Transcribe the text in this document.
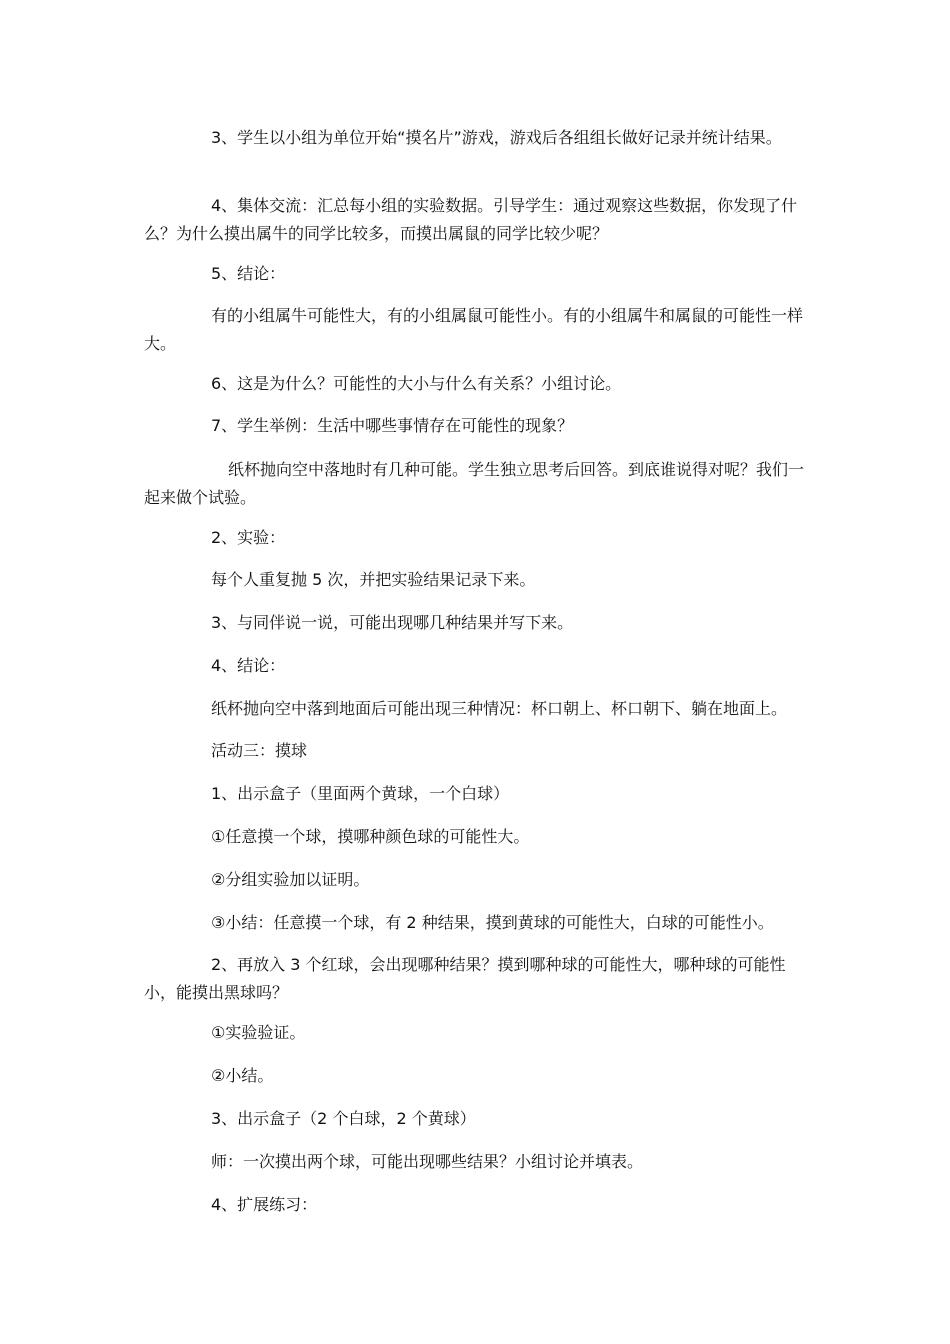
3、学生以小组为单位开始“摸名片”游戏，游戏后各组组长做好记录并统计结果。

4、集体交流：汇总每小组的实验数据。引导学生：通过观察这些数据，你发现了什么？为什么摸出属牛的同学比较多，而摸出属鼠的同学比较少呢？

5、结论：

有的小组属牛可能性大，有的小组属鼠可能性小。有的小组属牛和属鼠的可能性一样大。

6、这是为什么？可能性的大小与什么有关系？小组讨论。

7、学生举例：生活中哪些事情存在可能性的现象？

纸杯抛向空中落地时有几种可能。学生独立思考后回答。到底谁说得对呢？我们一起来做个试验。

2、实验：

每个人重复抛 5 次，并把实验结果记录下来。

3、与同伴说一说，可能出现哪几种结果并写下来。

4、结论：

纸杯抛向空中落到地面后可能出现三种情况：杯口朝上、杯口朝下、躺在地面上。

活动三：摸球

1、出示盒子（里面两个黄球，一个白球）

①任意摸一个球，摸哪种颜色球的可能性大。

②分组实验加以证明。

③小结：任意摸一个球，有 2 种结果，摸到黄球的可能性大，白球的可能性小。

2、再放入 3 个红球，会出现哪种结果？摸到哪种球的可能性大，哪种球的可能性小，能摸出黑球吗？

①实验验证。

②小结。

3、出示盒子（2 个白球，2 个黄球）

师：一次摸出两个球，可能出现哪些结果？小组讨论并填表。

4、扩展练习：
